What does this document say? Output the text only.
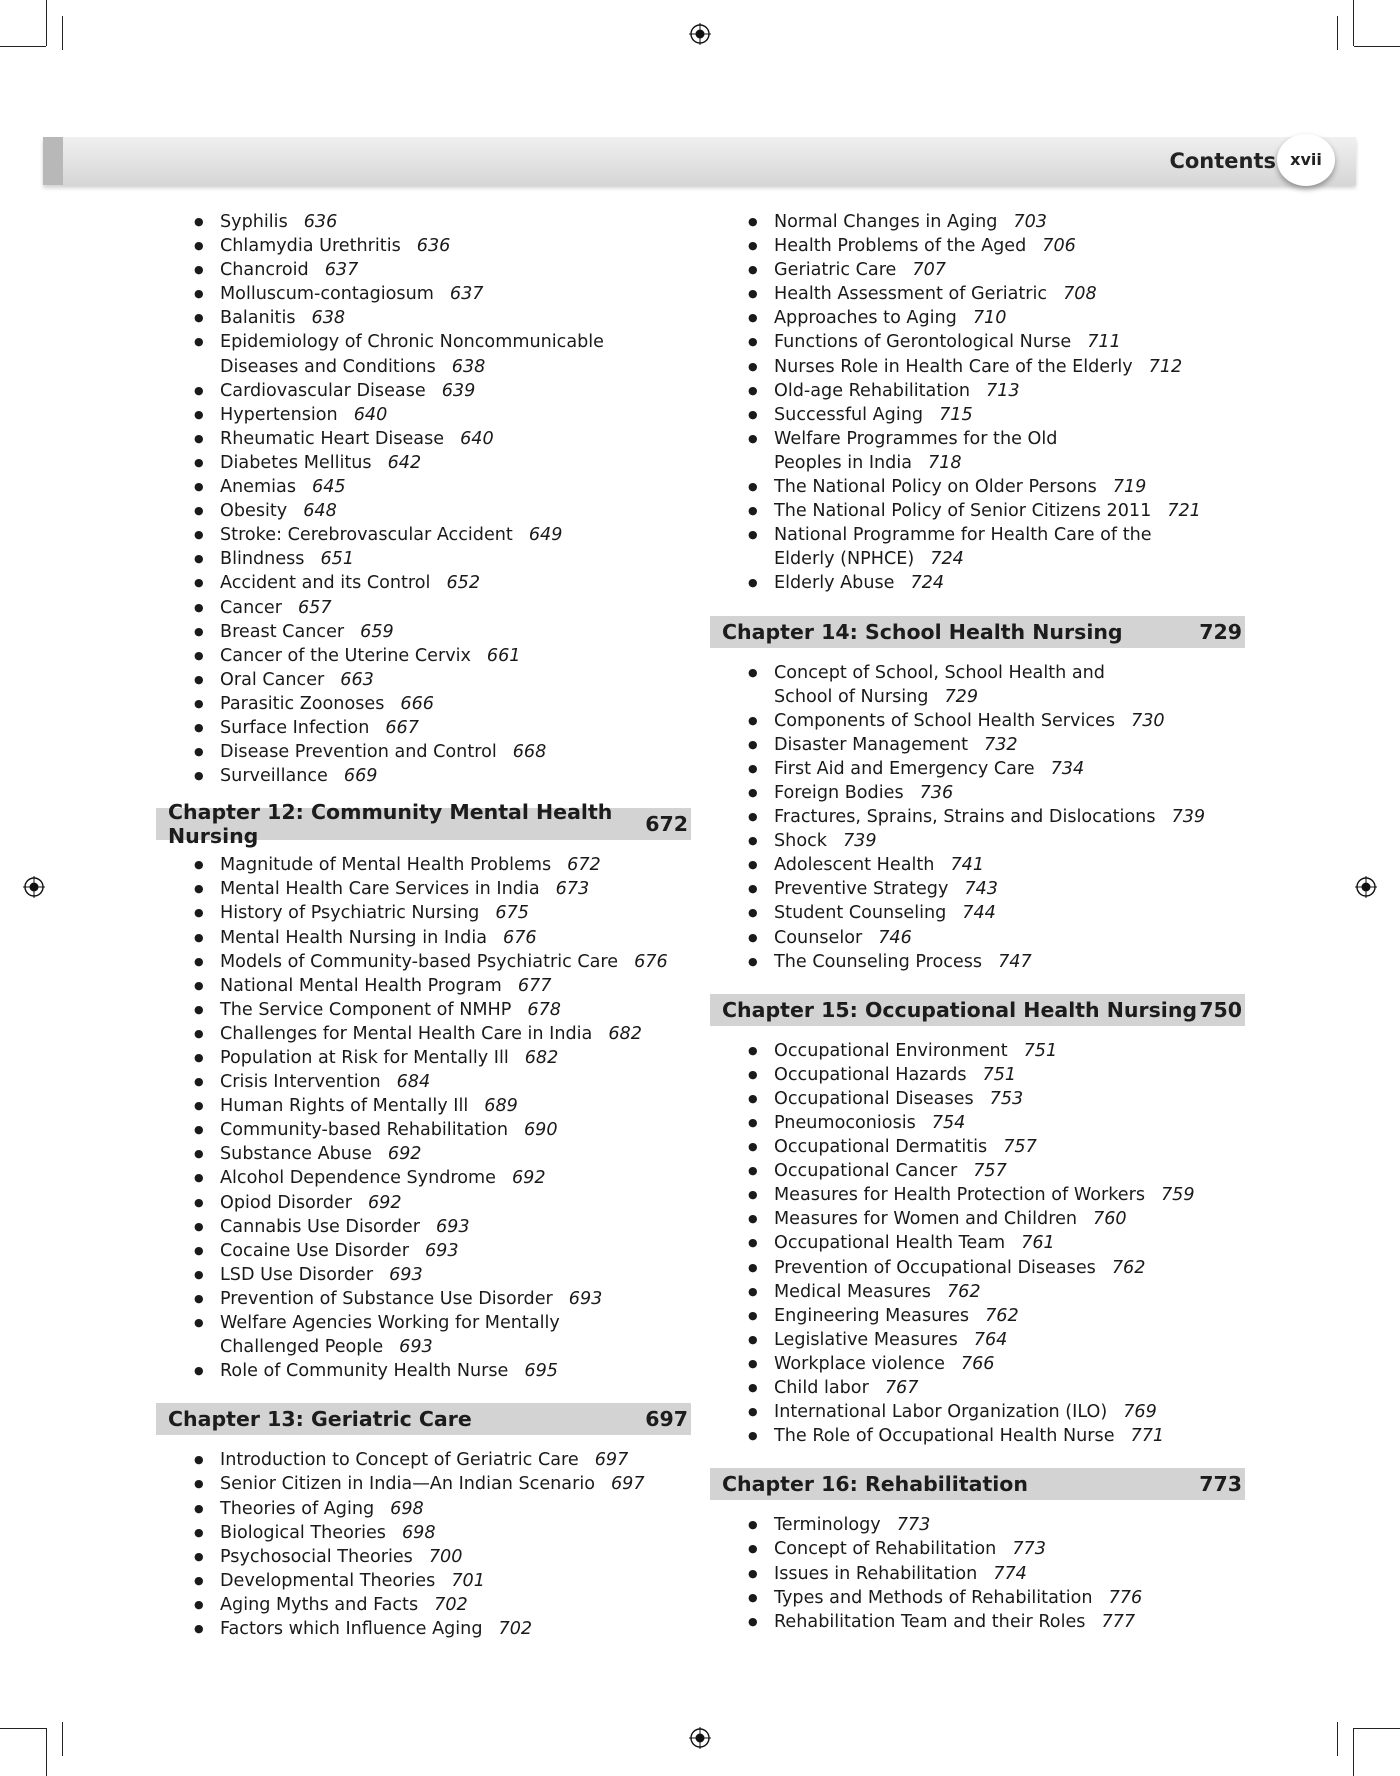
Contents xvii
● Syphilis 636
● Chlamydia Urethritis 636
● Chancroid 637
● Molluscum-contagiosum 637
● Balanitis 638
● Epidemiology of Chronic Noncommunicable
Diseases and Conditions 638
● Cardiovascular Disease 639
● Hypertension 640
● Rheumatic Heart Disease 640
● Diabetes Mellitus 642
● Anemias 645
● Obesity 648
● Stroke: Cerebrovascular Accident 649
● Blindness 651
● Accident and its Control 652
● Cancer 657
● Breast Cancer 659
● Cancer of the Uterine Cervix 661
● Oral Cancer 663
● Parasitic Zoonoses 666
● Surface Infection 667
● Disease Prevention and Control 668
● Surveillance 669
Chapter 12: Community Mental Health Nursing	672
● Magnitude of Mental Health Problems 672
● Mental Health Care Services in India 673
● History of Psychiatric Nursing 675
● Mental Health Nursing in India 676
● Models of Community-based Psychiatric Care 676
● National Mental Health Program 677
● The Service Component of NMHP 678
● Challenges for Mental Health Care in India 682
● Population at Risk for Mentally Ill 682
● Crisis Intervention 684
● Human Rights of Mentally Ill 689
● Community-based Rehabilitation 690
● Substance Abuse 692
● Alcohol Dependence Syndrome 692
● Opiod Disorder 692
● Cannabis Use Disorder 693
● Cocaine Use Disorder 693
● LSD Use Disorder 693
● Prevention of Substance Use Disorder 693
● Welfare Agencies Working for Mentally
Challenged People 693
● Role of Community Health Nurse 695
Chapter 13: Geriatric Care	697
● Introduction to Concept of Geriatric Care 697
● Senior Citizen in India—An Indian Scenario 697
● Theories of Aging 698
● Biological Theories 698
● Psychosocial Theories 700
● Developmental Theories 701
● Aging Myths and Facts 702
● Factors which Influence Aging 702
● Normal Changes in Aging 703
● Health Problems of the Aged 706
● Geriatric Care 707
● Health Assessment of Geriatric 708
● Approaches to Aging 710
● Functions of Gerontological Nurse 711
● Nurses Role in Health Care of the Elderly 712
● Old-age Rehabilitation 713
● Successful Aging 715
● Welfare Programmes for the Old
Peoples in India 718
● The National Policy on Older Persons 719
● The National Policy of Senior Citizens 2011 721
● National Programme for Health Care of the
Elderly (NPHCE) 724
● Elderly Abuse 724
Chapter 14: School Health Nursing	729
● Concept of School, School Health and
School of Nursing 729
● Components of School Health Services 730
● Disaster Management 732
● First Aid and Emergency Care 734
● Foreign Bodies 736
● Fractures, Sprains, Strains and Dislocations 739
● Shock 739
● Adolescent Health 741
● Preventive Strategy 743
● Student Counseling 744
● Counselor 746
● The Counseling Process 747
Chapter 15: Occupational Health Nursing 750
● Occupational Environment 751
● Occupational Hazards 751
● Occupational Diseases 753
● Pneumoconiosis 754
● Occupational Dermatitis 757
● Occupational Cancer 757
● Measures for Health Protection of Workers 759
● Measures for Women and Children 760
● Occupational Health Team 761
● Prevention of Occupational Diseases 762
● Medical Measures 762
● Engineering Measures 762
● Legislative Measures 764
● Workplace violence 766
● Child labor 767
● International Labor Organization (ILO) 769
● The Role of Occupational Health Nurse 771
Chapter 16: Rehabilitation	773
● Terminology 773
● Concept of Rehabilitation 773
● Issues in Rehabilitation 774
● Types and Methods of Rehabilitation 776
● Rehabilitation Team and their Roles 777
